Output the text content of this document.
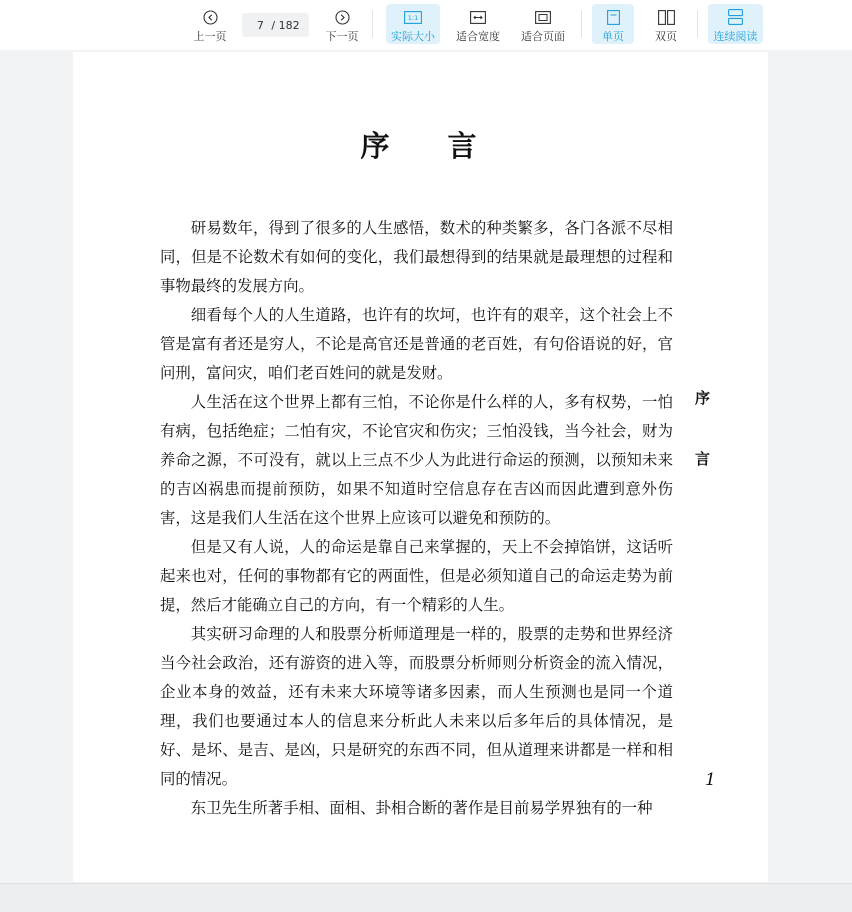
上一页
7
/ 182
下一页
1:1
实际大小 适合宽度 适合页面	单页	双页	连续阅读
序 言

研易数年，得到了很多的人生感悟，数术的种类繁多，各门各派不尽相同，但是不论数术有如何的变化，我们最想得到的结果就是最理想的过程和事物最终的发展方向。

细看每个人的人生道路，也许有的坎坷，也许有的艰辛，这个社会上不管是富有者还是穷人，不论是高官还是普通的老百姓，有句俗语说的好，官问刑，富问灾，咱们老百姓问的就是发财。

人生活在这个世界上都有三怕，不论你是什么样的人，多有权势，一怕有病，包括绝症；二怕有灾，不论官灾和伤灾；三怕没钱，当今社会，财为养命之源，不可没有，就以上三点不少人为此进行命运的预测，以预知未来的吉凶祸患而提前预防，如果不知道时空信息存在吉凶而因此遭到意外伤害，这是我们人生活在这个世界上应该可以避免和预防的。

但是又有人说，人的命运是靠自己来掌握的，天上不会掉馅饼，这话听起来也对，任何的事物都有它的两面性，但是必须知道自己的命运走势为前提，然后才能确立自己的方向，有一个精彩的人生。

其实研习命理的人和股票分析师道理是一样的，股票的走势和世界经济当今社会政治，还有游资的进入等，而股票分析师则分析资金的流入情况，企业本身的效益，还有未来大环境等诸多因素，而人生预测也是同一个道理，我们也要通过本人的信息来分析此人未来以后多年后的具体情况，是好、是坏、是吉、是凶，只是研究的东西不同，但从道理来讲都是一样和相同的情况。

东卫先生所著手相、面相、卦相合断的著作是目前易学界独有的一种

序
言
1
